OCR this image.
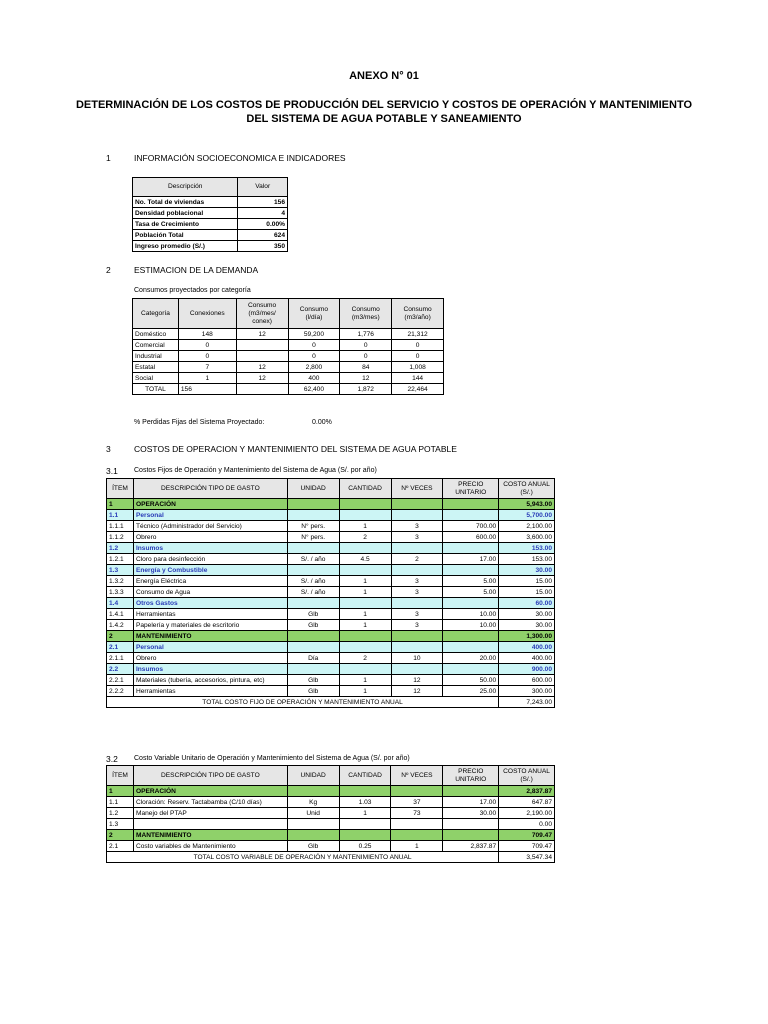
ANEXO N° 01
DETERMINACIÓN DE LOS COSTOS DE PRODUCCIÓN DEL SERVICIO Y COSTOS DE OPERACIÓN Y MANTENIMIENTO
DEL SISTEMA DE AGUA POTABLE Y SANEAMIENTO
1	INFORMACIÓN SOCIOECONOMICA E INDICADORES
Descripción	Valor
No. Total de viviendas	156
Densidad poblacional	4
Tasa de Crecimiento	0.00%
Población Total	624
Ingreso promedio (S/.)	350
2	ESTIMACION DE LA DEMANDA
Consumos proyectados por categoría
Categoría	Conexiones	Consumo (m3/mes/ conex)	Consumo (l/día)	Consumo (m3/mes)	Consumo (m3/año)
Doméstico	148	12	59,200	1,776	21,312
Comercial	0		0	0	0
Industrial	0		0	0	0
Estatal	7	12	2,800	84	1,008
Social	1	12	400	12	144
TOTAL	156		62,400	1,872	22,464
% Perdidas Fijas del Sistema Proyectado:	0.00%
3	COSTOS DE OPERACION Y MANTENIMIENTO DEL SISTEMA DE AGUA POTABLE
3.1 Costos Fijos de Operación y Mantenimiento del Sistema de Agua (S/. por año)
ÍTEM	DESCRIPCIÓN TIPO DE GASTO	UNIDAD	CANTIDAD	Nº VECES	PRECIO UNITARIO	COSTO ANUAL (S/.)
1	OPERACIÓN					5,943.00
1.1	Personal					5,700.00
1.1.1	Técnico (Administrador del Servicio)	N° pers.	1	3	700.00	2,100.00
1.1.2	Obrero	N° pers.	2	3	600.00	3,600.00
1.2	Insumos					153.00
1.2.1	Cloro para desinfección	S/. / año	4.5	2	17.00	153.00
1.3	Energía y Combustible					30.00
1.3.2	Energía Eléctrica	S/. / año	1	3	5.00	15.00
1.3.3	Consumo de Agua	S/. / año	1	3	5.00	15.00
1.4	Otros Gastos					60.00
1.4.1	Herramientas	Glb	1	3	10.00	30.00
1.4.2	Papelería y materiales de escritorio	Glb	1	3	10.00	30.00
2	MANTENIMIENTO					1,300.00
2.1	Personal					400.00
2.1.1	Obrero	Día	2	10	20.00	400.00
2.2	Insumos					900.00
2.2.1	Materiales (tubería, accesorios, pintura, etc)	Glb	1	12	50.00	600.00
2.2.2	Herramientas	Glb	1	12	25.00	300.00
TOTAL COSTO FIJO DE OPERACIÓN Y MANTENIMIENTO ANUAL						7,243.00
3.2 Costo Variable Unitario de Operación y Mantenimiento del Sistema de Agua (S/. por año)
ÍTEM	DESCRIPCIÓN TIPO DE GASTO	UNIDAD	CANTIDAD	Nº VECES	PRECIO UNITARIO	COSTO ANUAL (S/.)
1	OPERACIÓN					2,837.87
1.1	Cloración: Reserv. Tactabamba (C/10 días)	Kg	1.03	37	17.00	647.87
1.2	Manejo del PTAP	Unid	1	73	30.00	2,190.00
1.3						0.00
2	MANTENIMIENTO					709.47
2.1	Costo variables de Mantenimiento	Glb	0.25	1	2,837.87	709.47
TOTAL COSTO VARIABLE DE OPERACIÓN Y MANTENIMIENTO ANUAL						3,547.34
